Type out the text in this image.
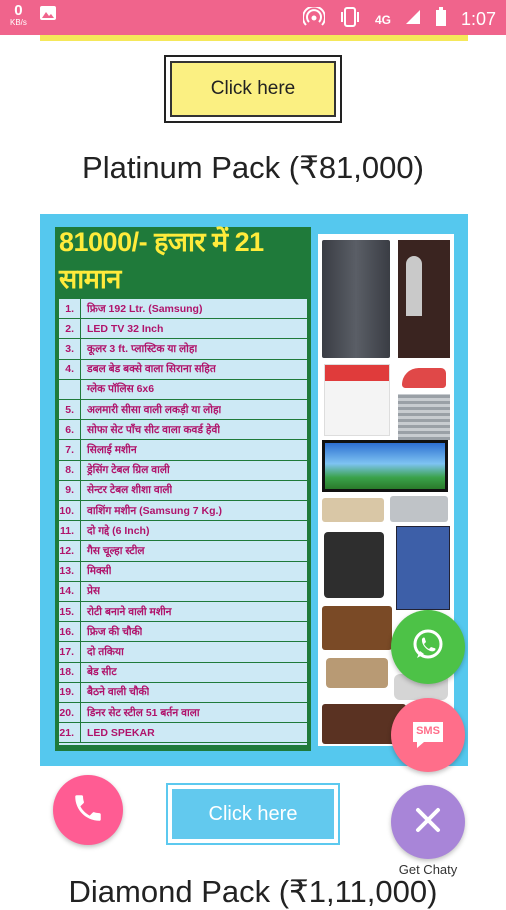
0
KB/s	4G	1:07
Click here
Platinum Pack (₹81,000)
81000/- हजार में 21 सामान
1.	फ्रिज 192 Ltr. (Samsung)
2.	LED TV 32 Inch
3.	कूलर 3 ft. प्लास्टिक या लोहा
4.	डबल बेड बक्से वाला सिराना सहित
ग्लेक पॉलिस 6x6
5.	अलमारी सीसा वाली लकड़ी या लोहा
6.	सोफा सेट पाँच सीट वाला कवर्ड हेवी
7.	सिलाई मशीन
8.	ड्रेसिंग टेबल ग्रिल वाली
9.	सेन्टर टेबल शीशा वाली
10.	वाशिंग मशीन (Samsung 7 Kg.)
11.	दो गद्दे (6 Inch)
12.	गैस चूल्हा स्टील
13.	मिक्सी
14.	प्रेस
15.	रोटी बनाने वाली मशीन
16.	फ्रिज की चौकी
17.	दो तकिया
18.	बेड सीट
19.	बैठने वाली चौकी
20.	डिनर सेट स्टील 51 बर्तन वाला
21.	LED SPEKAR
Click here
Diamond Pack (₹1,11,000)
SMS
Get Chaty
